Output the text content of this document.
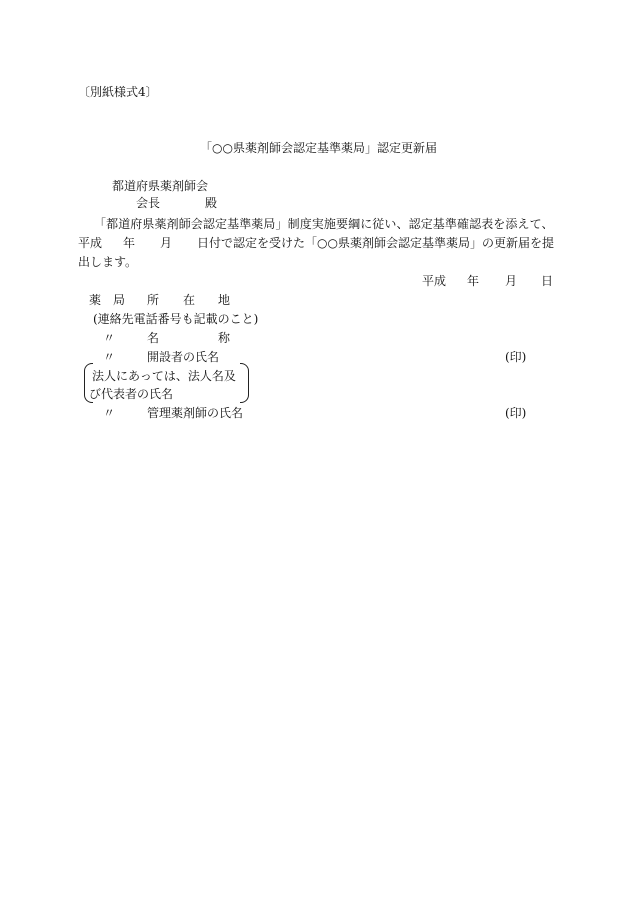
〔別紙様式4〕
「○○県薬剤師会認定基準薬局」認定更新届
都道府県薬剤師会
会長	殿
「都道府県薬剤師会認定基準薬局」制度実施要綱に従い、認定基準確認表を添えて、
平成 年 月 日付で認定を受けた「○○県薬剤師会認定基準薬局」の更新届を提
出します。
平成 年 月 日
薬 局 所 在 地
(連絡先電話番号も記載のこと)
〃	名	称
〃	開設者の氏名	(印)
法人にあっては、法人名及
び代表者の氏名
〃	管理薬剤師の氏名	(印)
